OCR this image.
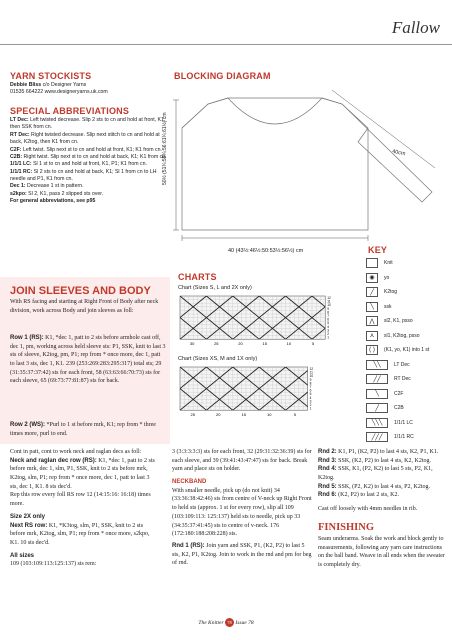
Fallow
YARN STOCKISTS
Debbie Bliss c/o Designer Yarns
01535 664222 www.designeryarns.uk.com
SPECIAL ABBREVIATIONS
LT Dec: Left twisted decrease. Slip 2 sts to cn and hold at front, K1, then SSK from cn.
RT Dec: Right twisted decrease. Slip next stitch to cn and hold at back, K2tog, then K1 from cn.
C2F: Left twist. Slip next st to cn and hold at front, K1; K1 from cn.
C2B: Right twist. Slip next st to cn and hold at back, K1; K1 from cn.
1/1/1 LC: Sl 1 st to cn and hold at front, K1, P1; K1 from cn.
1/1/1 RC: Sl 2 sts to cn and hold at back, K1; Sl 1 from cn to LH needle and P1, K1 from cn.
Dec 1: Decrease 1 st in pattern.
s2kpo: Sl 2, K1, pass 2 slipped sts over.
For general abbreviations, see p95
BLOCKING DIAGRAM
50½ (51¼:55¼:56:61¼:61½) cm	40cm
40 (43½:46½:50:53½:56½) cm	KEY
Knit
◉	yo
╱	K2tog
╲	ssk
⋀	sl2, K1, psso
⋏	sl1, K2tog, psso
( )	(K1, yo, K1) into 1 st
╲╲	LT Dec
╱╱	RT Dec
╲	C2F
╱	C2B
╲╲╲	1/1/1 LC
╱╱╱	1/1/1 RC
CHARTS
Chart (Sizes S, L and 2X only)
30	25	20	15	10	5
12
11
10
9
8
7
6
5
4
3
2
1
Chart (Sizes XS, M and 1X only)
25	20	15	10	5
12
11
10
9
8
7
6
5
4
3
2
1
JOIN SLEEVES AND BODY
With RS facing and starting at Right Front of Body after neck division, work across Body and join sleeves as foll:
Row 1 (RS): K1, *dec 1, patt to 2 sts before armhole cast off, dec 1, pm, working across held sleeve sts: P1, SSK, knit to last 3 sts of sleeve, K2tog, pm, P1; rep from * once more, dec 1, patt to last 3 sts, dec 1, K1. 239 (253:269:283:295:317) total sts; 29 (31:35:37:37:42) sts for each front, 58 (63:63:66:70:73) sts for each sleeve, 65 (69:73:77:81:87) sts for back.
Row 2 (WS): *Purl to 1 st before mrk, K1; rep from * three times more, purl to end.
Cont in patt, cont to work neck and raglan decs as foll:
Neck and raglan dec row (RS): K1, *dec 1, patt to 2 sts before mrk, dec 1, slm, P1, SSK, knit to 2 sts before mrk, K2tog, slm, P1; rep from * once more, dec 1, patt to last 3 sts, dec 1, K1. 8 sts dec'd.
Rep this row every foll RS row 12 (14:15:16: 16:18) times more.
Size 2X only
Next RS row: K1, *K3tog, slm, P1, SSK, knit to 2 sts before mrk, K2tog, slm, P1; rep from * once more, s2kpo, K1. 10 sts dec'd.
All sizes
109 (103:109:113:125:137) sts rem:
3 (3:3:3:3:3) sts for each front, 32 (29:31:32:36:39) sts for each sleeve, and 39 (39:41:43:47:47) sts for back. Break yarn and place sts on holder.
NECKBAND
With smaller needle, pick up (do not knit) 34 (33:36:38:42:46) sts from centre of V-neck up Right Front to held sts (approx. 1 st for every row), slip all 109 (103:109:113: 125:137) held sts to needle, pick up 33 (34:35:37:41:45) sts to centre of v-neck. 176 (172:180:188:208:228) sts.
Rnd 1 (RS): Join yarn and SSK, P1, (K2, P2) to last 5 sts, K2, P1, K2tog. Join to work in the rnd and pm for beg of rnd.
Rnd 2: K1, P1, (K2, P2) to last 4 sts, K2, P1, K1.
Rnd 3: SSK, (K2, P2) to last 4 sts, K2, K2tog.
Rnd 4: SSK, K1, (P2, K2) to last 5 sts, P2, K1, K2tog.
Rnd 5: SSK, (P2, K2) to last 4 sts, P2, K2tog.
Rnd 6: (K2, P2) to last 2 sts, K2.
Cast off loosely with 4mm needles in rib.
FINISHING
Seam underarms. Soak the work and block gently to measurements, following any yarn care instructions on the ball band. Weave in all ends when the sweater is completely dry.
The Knitter 78 Issue 78
